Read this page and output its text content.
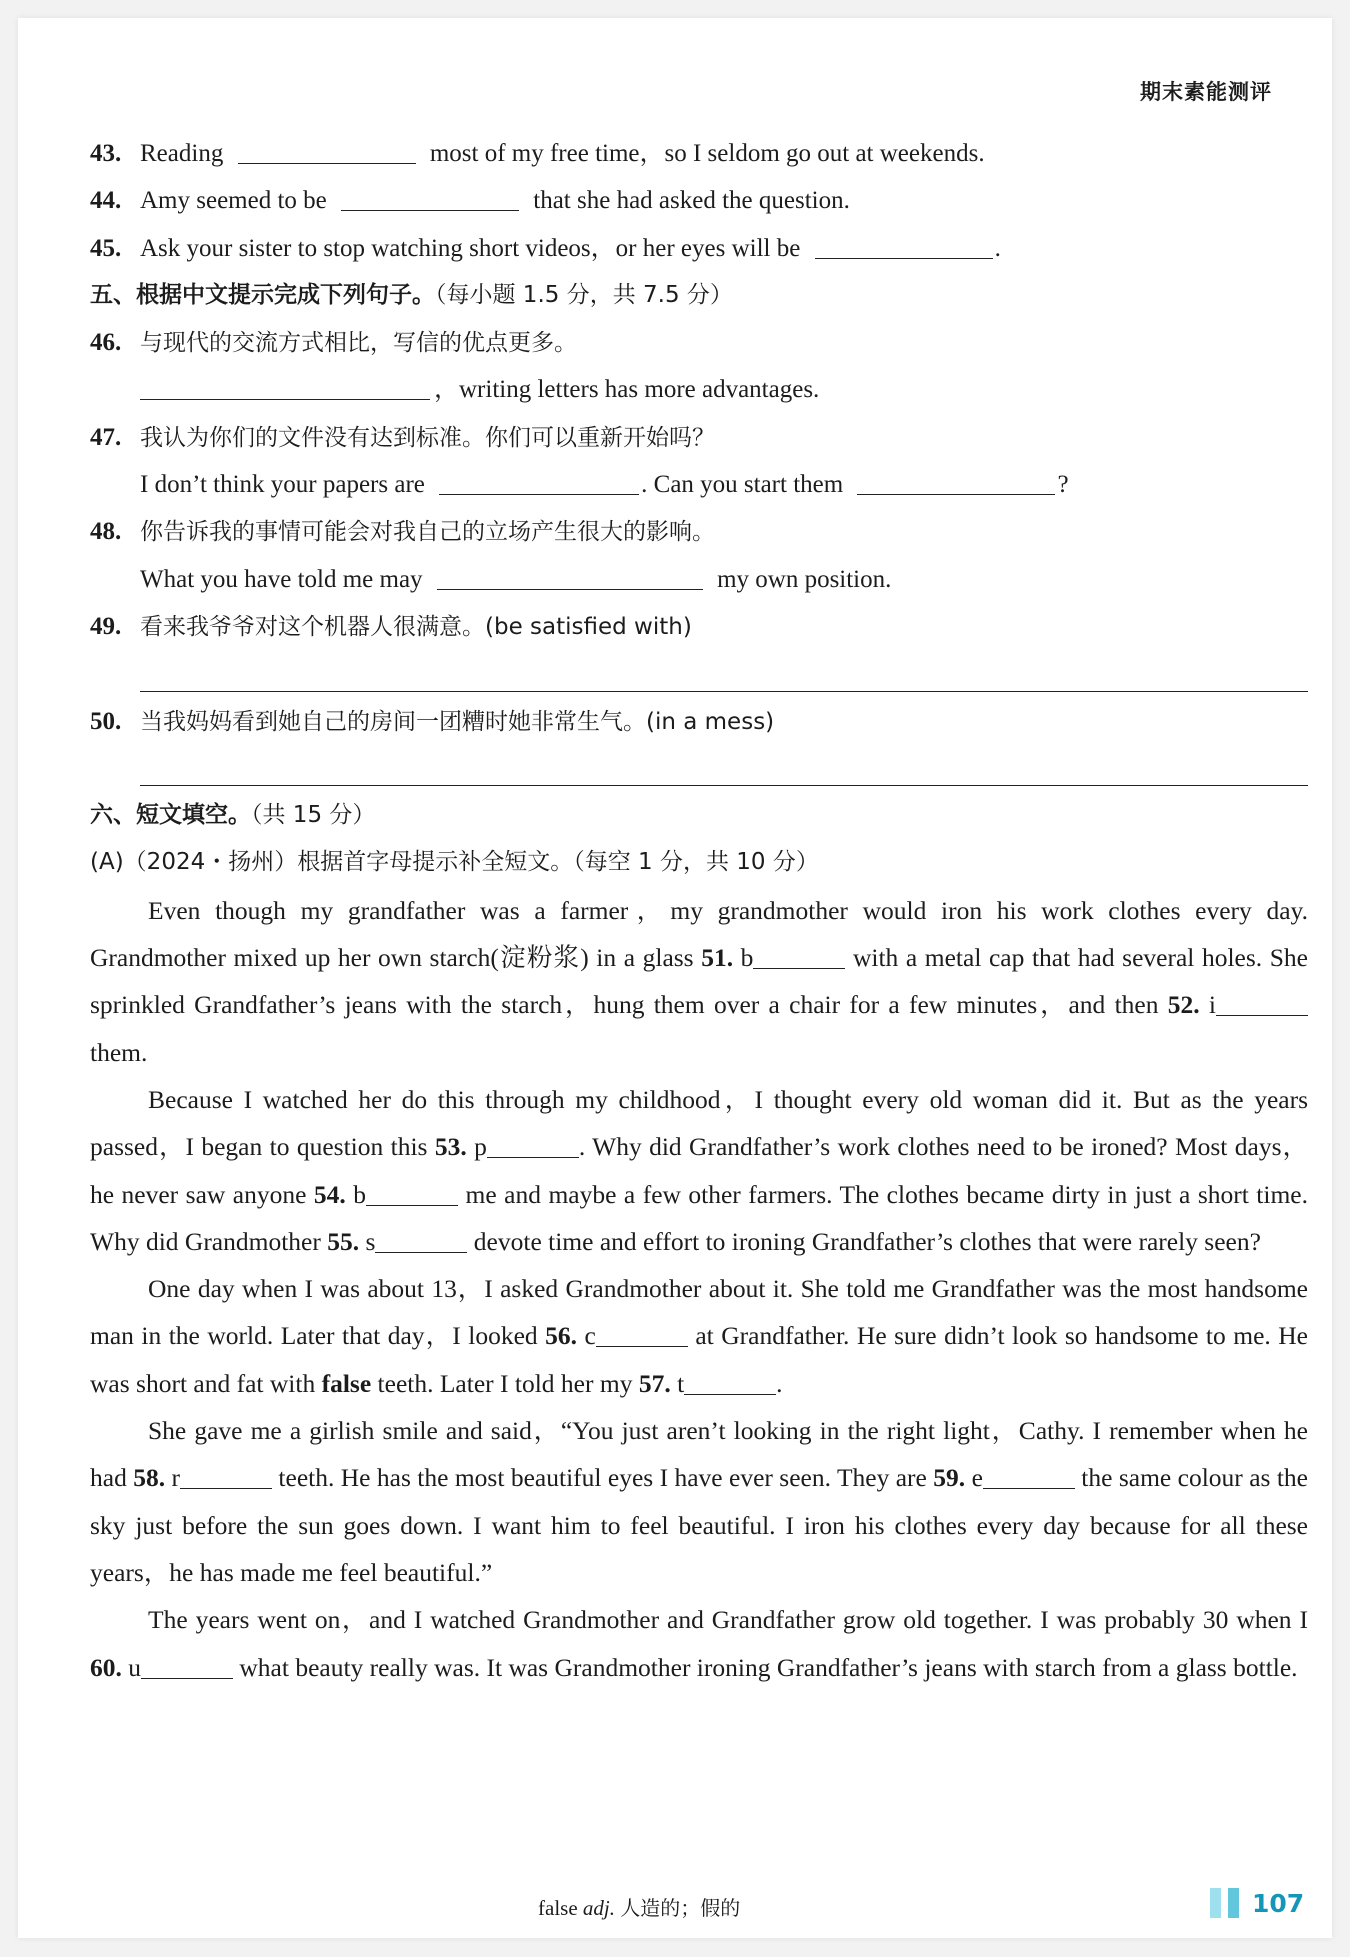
期末素能测评
43. Reading	most of my free time，so I seldom go out at weekends.
44. Amy seemed to be	that she had asked the question.
45. Ask your sister to stop watching short videos，or her eyes will be	.
五、根据中文提示完成下列句子。（每小题 1.5 分，共 7.5 分）
46. 与现代的交流方式相比，写信的优点更多。
，writing letters has more advantages.
47. 我认为你们的文件没有达到标准。你们可以重新开始吗？
I don’t think your papers are	. Can you start them	?
48. 你告诉我的事情可能会对我自己的立场产生很大的影响。
What you have told me may	my own position.
49. 看来我爷爷对这个机器人很满意。(be satisfied with)
50. 当我妈妈看到她自己的房间一团糟时她非常生气。(in a mess)
六、短文填空。（共 15 分）
(A)（2024・扬州）根据首字母提示补全短文。（每空 1 分，共 10 分）

Even though my grandfather was a farmer，my grandmother would iron his work clothes every day. Grandmother mixed up her own starch(淀粉浆) in a glass 51. b	with a metal cap that had several holes. She sprinkled Grandfather’s jeans with the starch，hung them over a chair for a few minutes，and then 52. i them.

Because I watched her do this through my childhood，I thought every old woman did it. But as the years passed，I began to question this 53. p	. Why did Grandfather’s work clothes need to be ironed? Most days，he never saw anyone 54. b	me and maybe a few other farmers. The clothes became dirty in just a short time. Why did Grandmother 55. s	devote time and effort to ironing Grandfather’s clothes that were rarely seen?

One day when I was about 13，I asked Grandmother about it. She told me Grandfather was the most handsome man in the world. Later that day，I looked 56. c	at Grandfather. He sure didn’t look so handsome to me. He was short and fat with false teeth. Later I told her my 57. t	.

She gave me a girlish smile and said，“You just aren’t looking in the right light，Cathy. I remember when he had 58. r	teeth. He has the most beautiful eyes I have ever seen. They are 59. e	the same colour as the sky just before the sun goes down. I want him to feel beautiful. I iron his clothes every day because for all these years，he has made me feel beautiful.”

The years went on，and I watched Grandmother and Grandfather grow old together. I was probably 30 when I 60. u	what beauty really was. It was Grandmother ironing Grandfather’s jeans with starch from a glass bottle.

false adj. 人造的；假的	107
